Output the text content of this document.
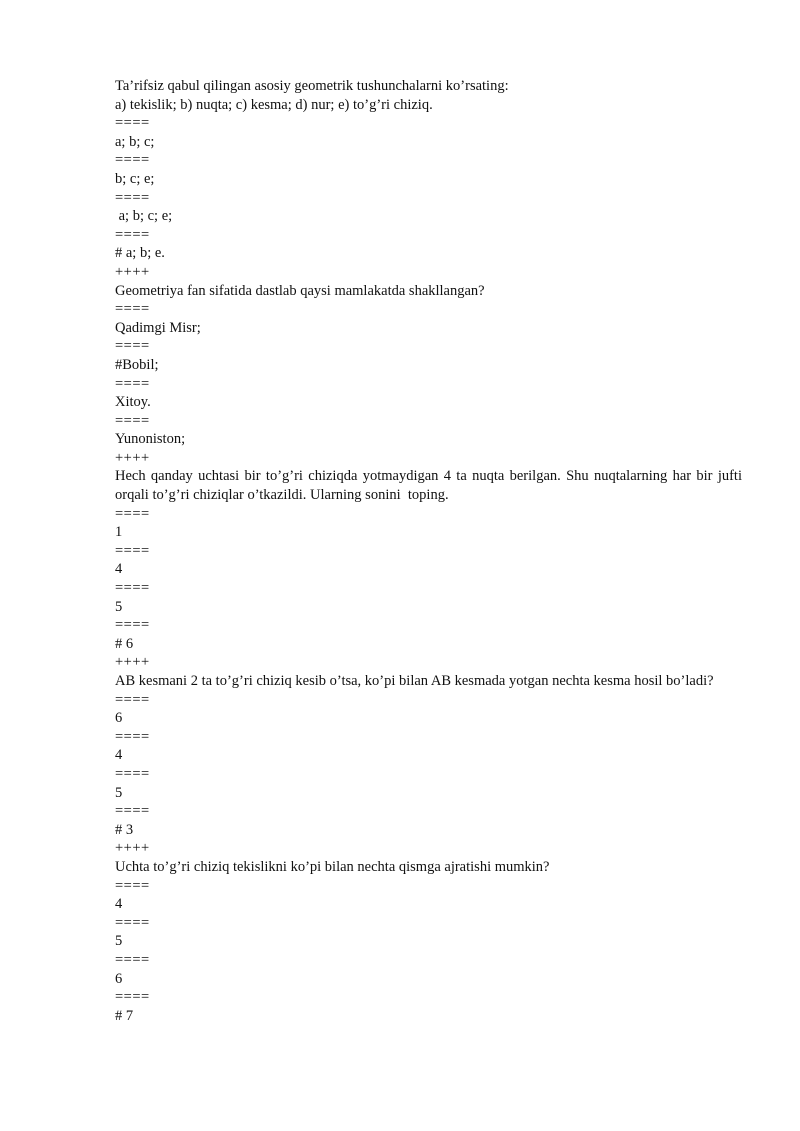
Ta’rifsiz qabul qilingan asosiy geometrik tushunchalarni ko’rsating:
a) tekislik; b) nuqta; c) kesma; d) nur; e) to’g’ri chiziq.
====
a; b; c;
====
b; c; e;
====
a; b; c; e;
====
# a; b; e.
++++
Geometriya fan sifatida dastlab qaysi mamlakatda shakllangan?
====
Qadimgi Misr;
====
#Bobil;
====
Xitoy.
====
Yunoniston;
++++
Hech qanday uchtasi bir to’g’ri chiziqda yotmaydigan 4 ta nuqta berilgan. Shu nuqtalarning har bir jufti orqali to’g’ri chiziqlar o’tkazildi. Ularning sonini  toping.
====
1
====
4
====
5
====
# 6
++++
AB kesmani 2 ta to’g’ri chiziq kesib o’tsa, ko’pi bilan AB kesmada yotgan nechta kesma hosil bo’ladi?
====
6
====
4
====
5
====
# 3
++++
Uchta to’g’ri chiziq tekislikni ko’pi bilan nechta qismga ajratishi mumkin?
====
4
====
5
====
6
====
# 7
